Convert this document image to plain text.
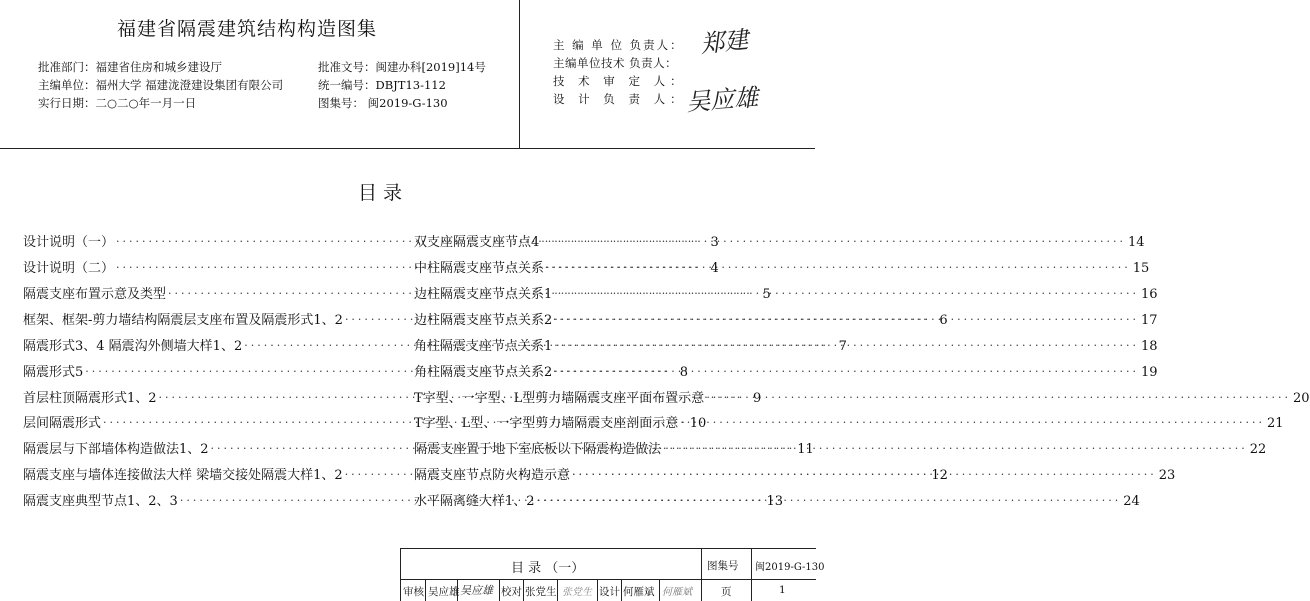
福建省隔震建筑结构构造图集
批准部门：福建省住房和城乡建设厅
主编单位：福州大学 福建泷澄建设集团有限公司
实行日期：二○二○年一月一日
批准文号：闽建办科[2019]14号
统一编号：DBJT13-112
图集号： 闽2019-G-130
主 编 单 位 负责人：
主编单位技术 负责人：
技 术 审 定 人：
设 计 负 责 人：
郑建
吴应雄
目 录
设计说明（一） ·····	3
设计说明（二） ·····	4
隔震支座布置示意及类型 ·····	5
框架、框架-剪力墙结构隔震层支座布置及隔震形式1、2 ·····	6
隔震形式3、4 隔震沟外侧墙大样1、2 ·····	7
隔震形式5 ·····	8
首层柱顶隔震形式1、2 ·····	9
层间隔震形式 ·····	10
隔震层与下部墙体构造做法1、2 ·····	11
隔震支座与墙体连接做法大样 梁墙交接处隔震大样1、2 ·····	12
隔震支座典型节点1、2、3 ·····	13
双支座隔震支座节点4 ·····	14
中柱隔震支座节点关系 ·····	15
边柱隔震支座节点关系1 ·····	16
边柱隔震支座节点关系2 ·····	17
角柱隔震支座节点关系1 ·····	18
角柱隔震支座节点关系2 ·····	19
T字型、一字型、L型剪力墙隔震支座平面布置示意 ·····	20
T字型、L型、一字型剪力墙隔震支座剖面示意 ·····	21
隔震支座置于地下室底板以下隔震构造做法 ·····	22
隔震支座节点防火构造示意 ·····	23
水平隔离缝大样1、2 ·····	24
目 录 （一）	图集号 闽2019-G-130
审核 吴应雄 吴应雄 校对 张党生 张党生 设计 何雁斌 何雁斌	页	1
